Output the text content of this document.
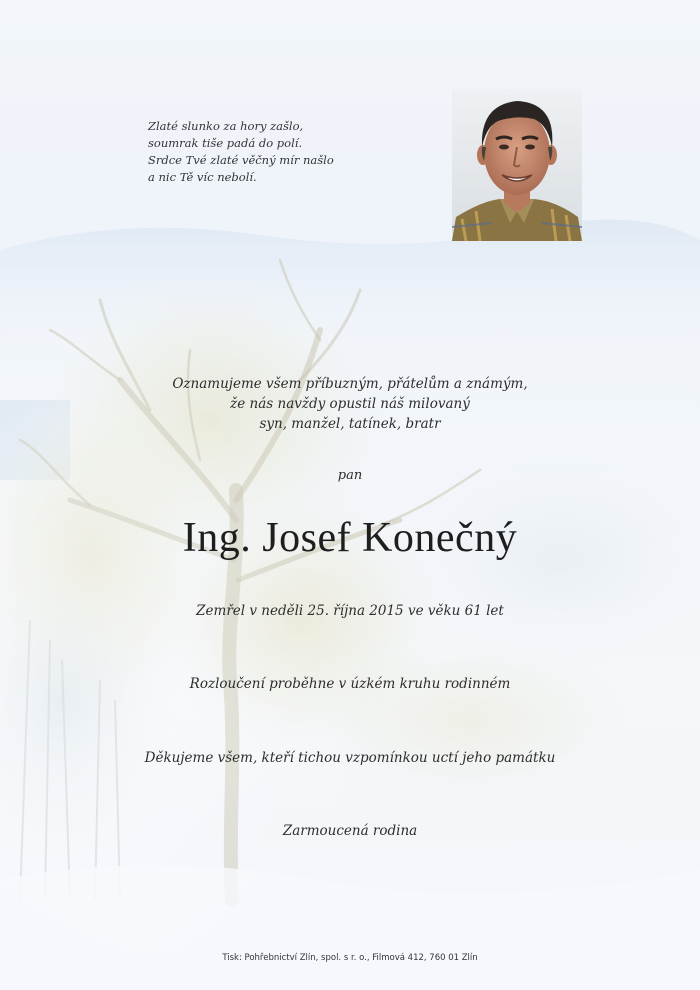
Zlaté slunko za hory zašlo,
soumrak tiše padá do polí.
Srdce Tvé zlaté věčný mír našlo
a nic Tě víc nebolí.
Oznamujeme všem příbuzným, přátelům a známým,
že nás navždy opustil náš milovaný
syn, manžel, tatínek, bratr
pan
Ing. Josef Konečný
Zemřel v neděli 25. října 2015 ve věku 61 let
Rozloučení proběhne v úzkém kruhu rodinném
Děkujeme všem, kteří tichou vzpomínkou uctí jeho památku
Zarmoucená rodina
Tisk: Pohřebnictví Zlín, spol. s r. o., Filmová 412, 760 01 Zlín
